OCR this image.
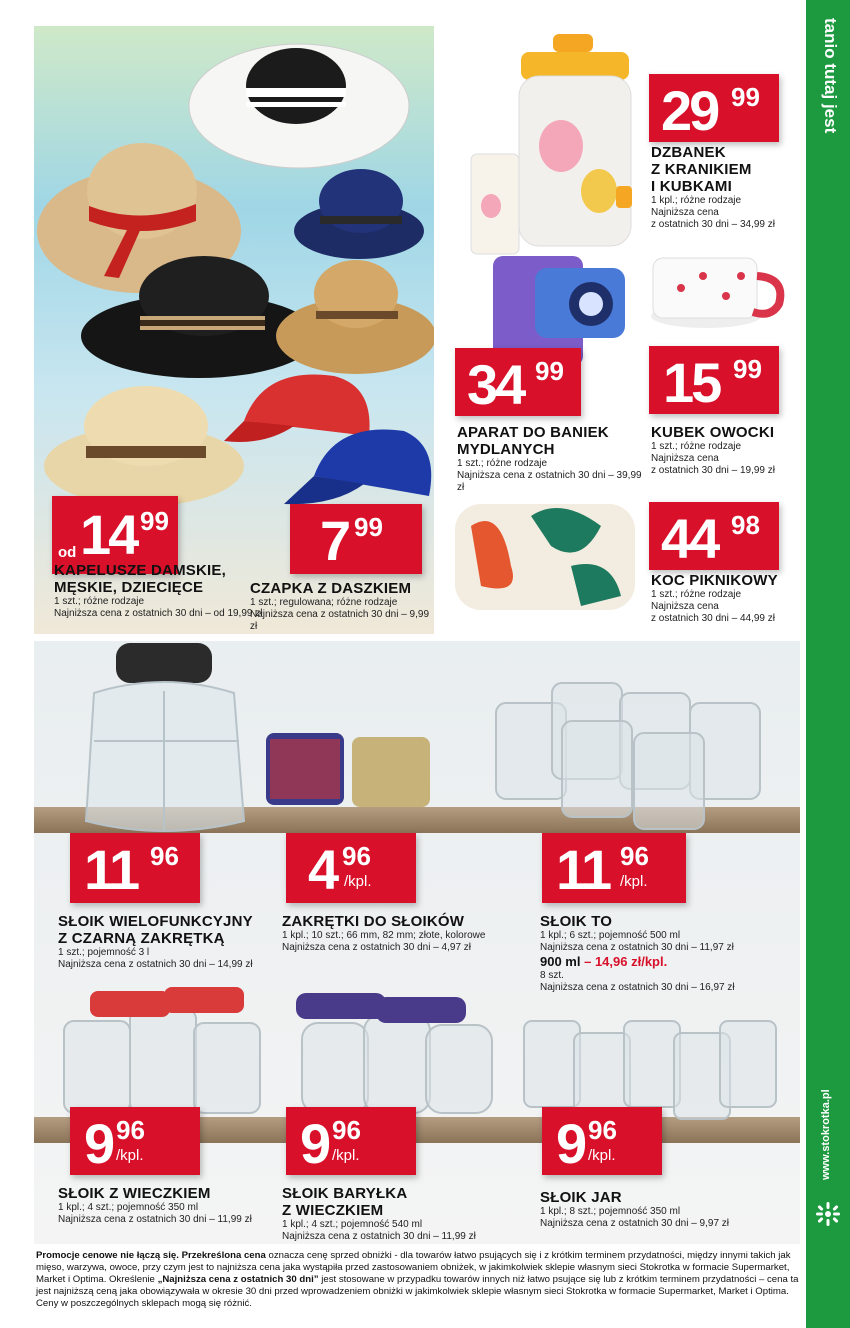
tanio tutaj jest
www.stokrotka.pl
od 14 99	7 99
KAPELUSZE DAMSKIE,
MĘSKIE, DZIECIĘCE
1 szt.; różne rodzaje
Najniższa cena z ostatnich 30 dni – od 19,99 zł
CZAPKA Z DASZKIEM
1 szt.; regulowana; różne rodzaje
Najniższa cena z ostatnich 30 dni – 9,99 zł
29 99
DZBANEK
Z KRANIKIEM
I KUBKAMI
1 kpl.; różne rodzaje
Najniższa cena
z ostatnich 30 dni – 34,99 zł
34 99
APARAT DO BANIEK
MYDLANYCH
1 szt.; różne rodzaje
Najniższa cena z ostatnich 30 dni – 39,99 zł
15 99
KUBEK OWOCKI
1 szt.; różne rodzaje
Najniższa cena
z ostatnich 30 dni – 19,99 zł
44 98
KOC PIKNIKOWY
1 szt.; różne rodzaje
Najniższa cena
z ostatnich 30 dni – 44,99 zł
11 96 4 96
/kpl.	11 96
/kpl.
SŁOIK WIELOFUNKCYJNY
Z CZARNĄ ZAKRĘTKĄ
1 szt.; pojemność 3 l
Najniższa cena z ostatnich 30 dni – 14,99 zł
ZAKRĘTKI DO SŁOIKÓW
1 kpl.; 10 szt.; 66 mm, 82 mm; złote, kolorowe
Najniższa cena z ostatnich 30 dni – 4,97 zł
SŁOIK TO
1 kpl.; 6 szt.; pojemność 500 ml
Najniższa cena z ostatnich 30 dni – 11,97 zł
900 ml – 14,96 zł/kpl.
8 szt.
Najniższa cena z ostatnich 30 dni – 16,97 zł
9 96
/kpl.	9 96
/kpl.	9 96
/kpl.
SŁOIK Z WIECZKIEM
1 kpl.; 4 szt.; pojemność 350 ml
Najniższa cena z ostatnich 30 dni – 11,99 zł
SŁOIK BARYŁKA
Z WIECZKIEM
1 kpl.; 4 szt.; pojemność 540 ml
Najniższa cena z ostatnich 30 dni – 11,99 zł
SŁOIK JAR
1 kpl.; 8 szt.; pojemność 350 ml
Najniższa cena z ostatnich 30 dni – 9,97 zł
Promocje cenowe nie łączą się. Przekreślona cena oznacza cenę sprzed obniżki - dla towarów łatwo psujących się i z krótkim terminem przydatności, między innymi takich jak mięso, warzywa, owoce, przy czym jest to najniższa cena jaka wystąpiła przed zastosowaniem obniżek, w jakimkolwiek sklepie własnym sieci Stokrotka w formacie Supermarket, Market i Optima. Określenie „Najniższa cena z ostatnich 30 dni” jest stosowane w przypadku towarów innych niż łatwo psujące się lub z krótkim terminem przydatności – cena ta jest najniższą ceną jaka obowiązywała w okresie 30 dni przed wprowadzeniem obniżki w jakimkolwiek sklepie własnym sieci Stokrotka w formacie Supermarket, Market i Optima. Ceny w poszczególnych sklepach mogą się różnić.
